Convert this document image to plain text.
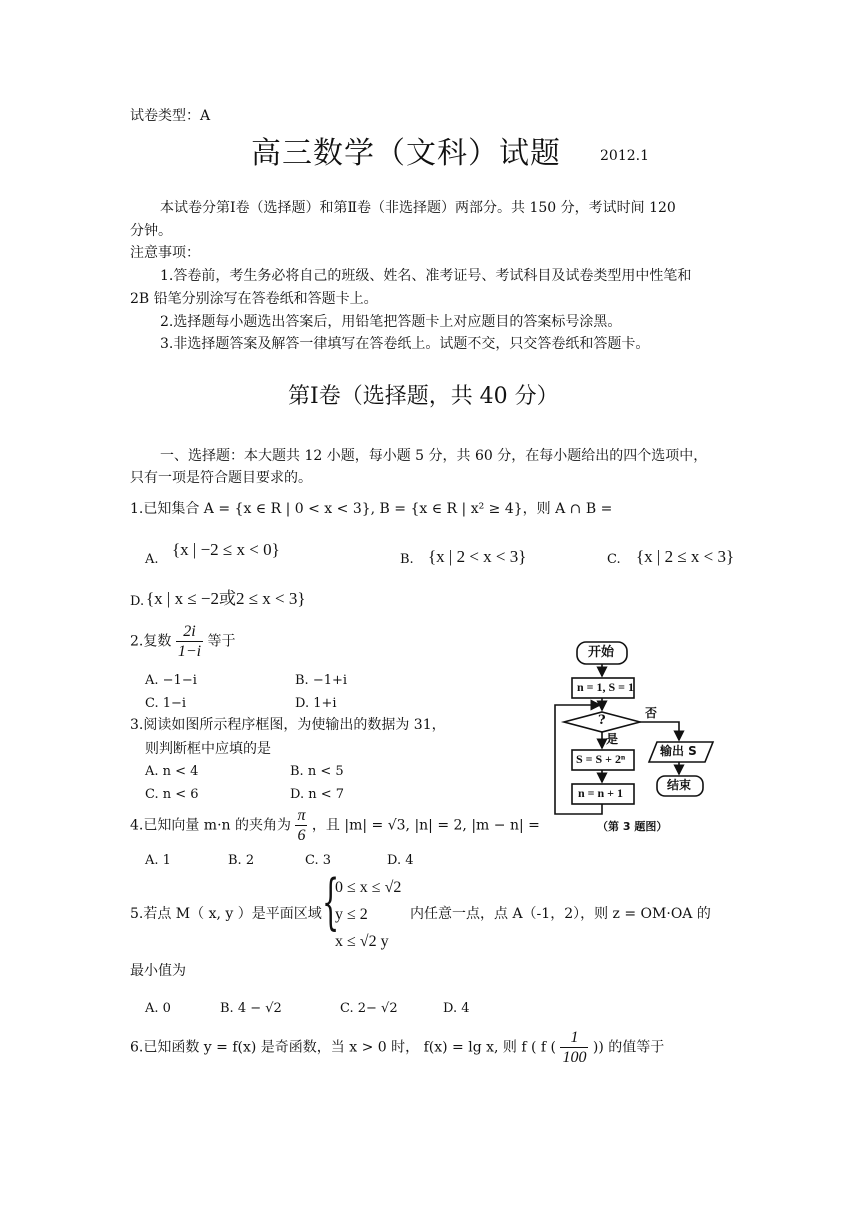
试卷类型：A
高三数学（文科）试题	2012.1
本试卷分第Ⅰ卷（选择题）和第Ⅱ卷（非选择题）两部分。共 150 分，考试时间 120
分钟。
注意事项：
1.答卷前，考生务必将自己的班级、姓名、准考证号、考试科目及试卷类型用中性笔和
2B 铅笔分别涂写在答卷纸和答题卡上。
2.选择题每小题选出答案后，用铅笔把答题卡上对应题目的答案标号涂黑。
3.非选择题答案及解答一律填写在答卷纸上。试题不交，只交答卷纸和答题卡。
第Ⅰ卷（选择题，共 40 分）
一、选择题：本大题共 12 小题，每小题 5 分，共 60 分，在每小题给出的四个选项中，
只有一项是符合题目要求的。
1.已知集合 A = {x ∈ R | 0 < x < 3}, B = {x ∈ R | x² ≥ 4}，则 A ∩ B =
A.
{x | −2 ≤ x < 0}
B. {x | 2 < x < 3}	C. {x | 2 ≤ x < 3}
D. {x | x ≤ −2或2 ≤ x < 3}
2.复数 $\frac{2i}{1-i}$ 等于
A. −1−i	B. −1+i
C. 1−i	D. 1+i
3.阅读如图所示程序框图，为使输出的数据为 31，
则判断框中应填的是
A. n < 4	B. n < 5
C. n < 6	D. n < 7
4.已知向量 m·n 的夹角为 $\frac{\pi}{6}$ ，且 |m| = √3, |n| = 2, |m − n| =
A. 1	B. 2	C. 3	D. 4
5.若点 M（ x, y ）是平面区域 {
0 ≤ x ≤ √2
y ≤ 2
x ≤ √2 y
内任意一点，点 A（-1，2），则 z = OM·OA 的
最小值为
A. 0	B. 4 − √2	C. 2− √2	D. 4
6.已知函数 y = f(x) 是奇函数，当 x > 0 时， f(x) = lg x, 则 f ( f ( $\frac{1}{100}$ )) 的值等于
开始
n = 1, S = 1
?	否
是
S = S + 2ⁿ
n = n + 1
输出 S
结束
（第 3 题图）
